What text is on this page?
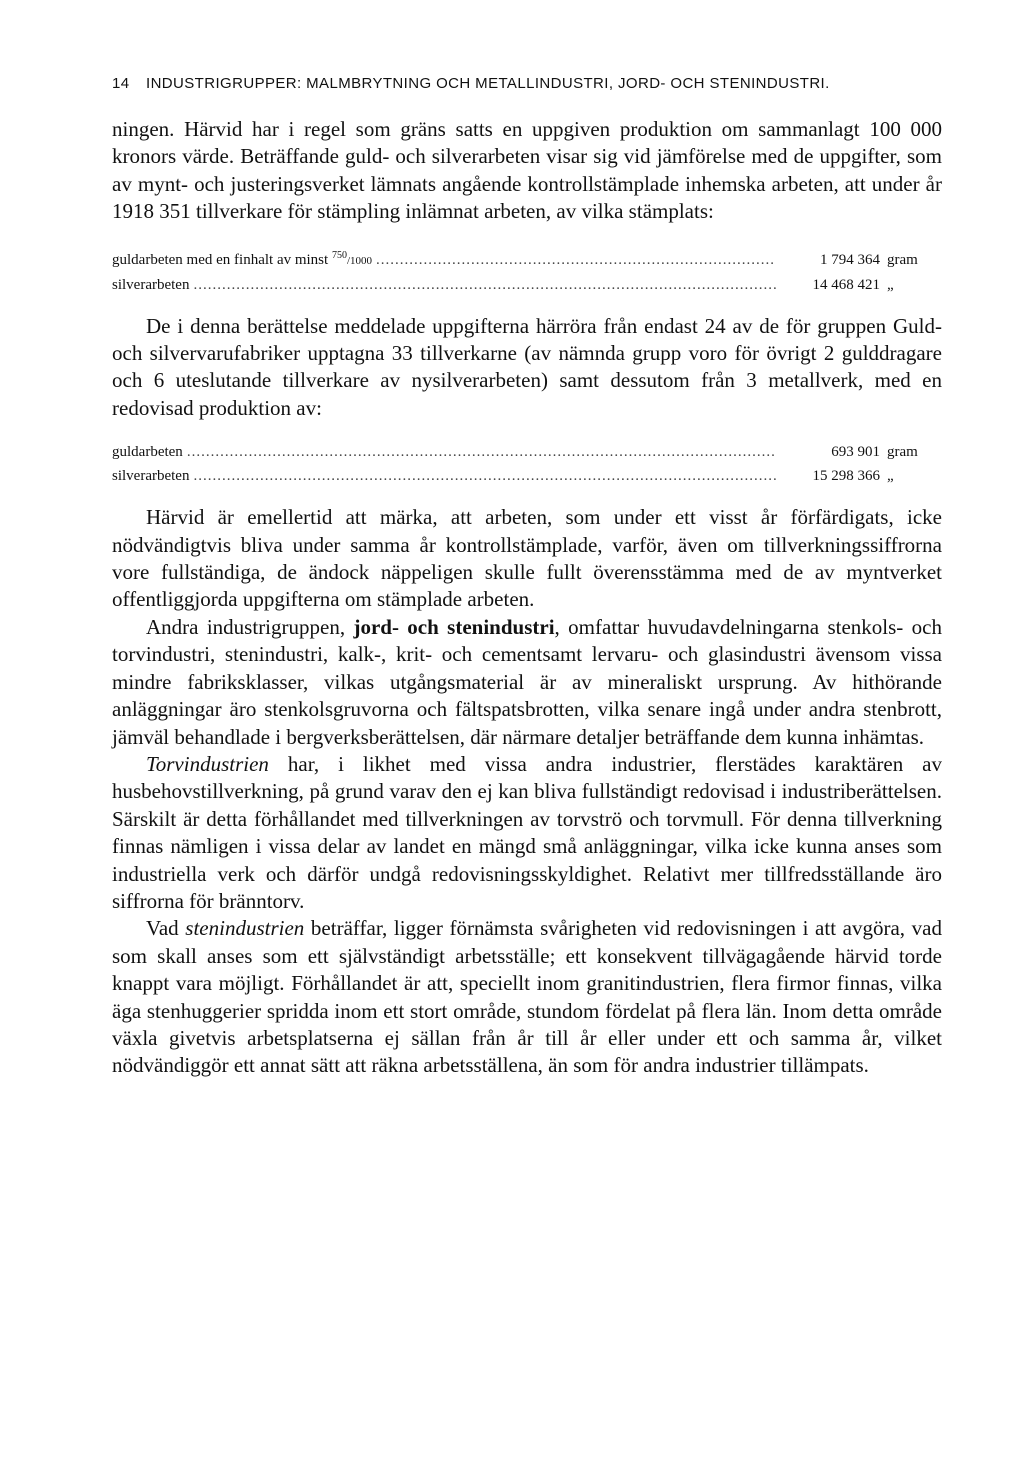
14	INDUSTRIGRUPPER: MALMBRYTNING OCH METALLINDUSTRI, JORD- OCH STENINDUSTRI.

ningen. Härvid har i regel som gräns satts en uppgiven produktion om sammanlagt 100 000 kronors värde. Beträffande guld- och silverarbeten visar sig vid jämförelse med de uppgifter, som av mynt- och justeringsverket lämnats angående kontrollstämplade inhemska arbeten, att under år 1918 351 tillverkare för stämpling inlämnat arbeten, av vilka stämplats:

guldarbeten med en finhalt av minst $^{750}$/1000 .....	1 794 364 gram
silverarbeten .....	14 468 421 „

De i denna berättelse meddelade uppgifterna härröra från endast 24 av de för gruppen Guld- och silvervarufabriker upptagna 33 tillverkarne (av nämnda grupp voro för övrigt 2 gulddragare och 6 uteslutande tillverkare av nysilverarbeten) samt dessutom från 3 metallverk, med en redovisad produktion av:

guldarbeten .....	693 901 gram
silverarbeten .....	15 298 366 „

Härvid är emellertid att märka, att arbeten, som under ett visst år förfärdigats, icke nödvändigtvis bliva under samma år kontrollstämplade, varför, även om tillverkningssiffrorna vore fullständiga, de ändock näppeligen skulle fullt överensstämma med de av myntverket offentliggjorda uppgifterna om stämplade arbeten.

Andra industrigruppen, jord- och stenindustri, omfattar huvudavdelningarna stenkols- och torvindustri, stenindustri, kalk-, krit- och cementsamt lervaru- och glasindustri ävensom vissa mindre fabriksklasser, vilkas utgångsmaterial är av mineraliskt ursprung. Av hithörande anläggningar äro stenkolsgruvorna och fältspatsbrotten, vilka senare ingå under andra stenbrott, jämväl behandlade i bergverksberättelsen, där närmare detaljer beträffande dem kunna inhämtas.

Torvindustrien har, i likhet med vissa andra industrier, flerstädes karaktären av husbehovstillverkning, på grund varav den ej kan bliva fullständigt redovisad i industriberättelsen. Särskilt är detta förhållandet med tillverkningen av torvströ och torvmull. För denna tillverkning finnas nämligen i vissa delar av landet en mängd små anläggningar, vilka icke kunna anses som industriella verk och därför undgå redovisningsskyldighet. Relativt mer tillfredsställande äro siffrorna för bränntorv.

Vad stenindustrien beträffar, ligger förnämsta svårigheten vid redovisningen i att avgöra, vad som skall anses som ett självständigt arbetsställe; ett konsekvent tillvägagående härvid torde knappt vara möjligt. Förhållandet är att, speciellt inom granitindustrien, flera firmor finnas, vilka äga stenhuggerier spridda inom ett stort område, stundom fördelat på flera län. Inom detta område växla givetvis arbetsplatserna ej sällan från år till år eller under ett och samma år, vilket nödvändiggör ett annat sätt att räkna arbetsställena, än som för andra industrier tillämpats.
